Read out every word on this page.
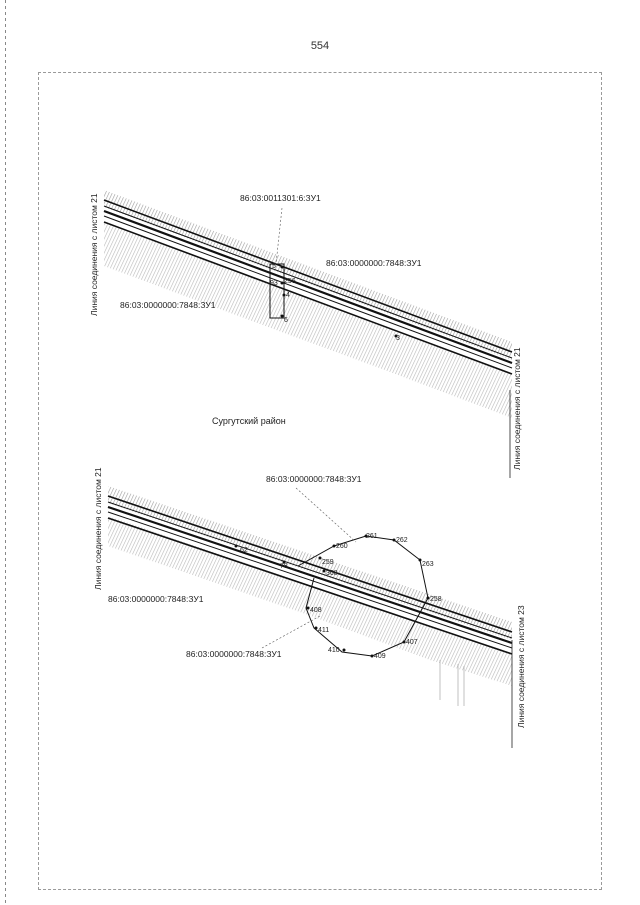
554
5
93 256
4
6
3
86:03:0011301:6:ЗУ1
86:03:0000000:7848:ЗУ1
86:03:0000000:7848:ЗУ1
Линия соединения с листом 21
Линия соединения с листом 21
Сургутский район
62
78
259
260
261
262
263
258
368
408
411
410
409
407
86:03:0000000:7848:ЗУ1
86:03:0000000:7848:ЗУ1
86:03:0000000:7848:ЗУ1
Линия соединения с листом 21
Линия соединения с листом 23
